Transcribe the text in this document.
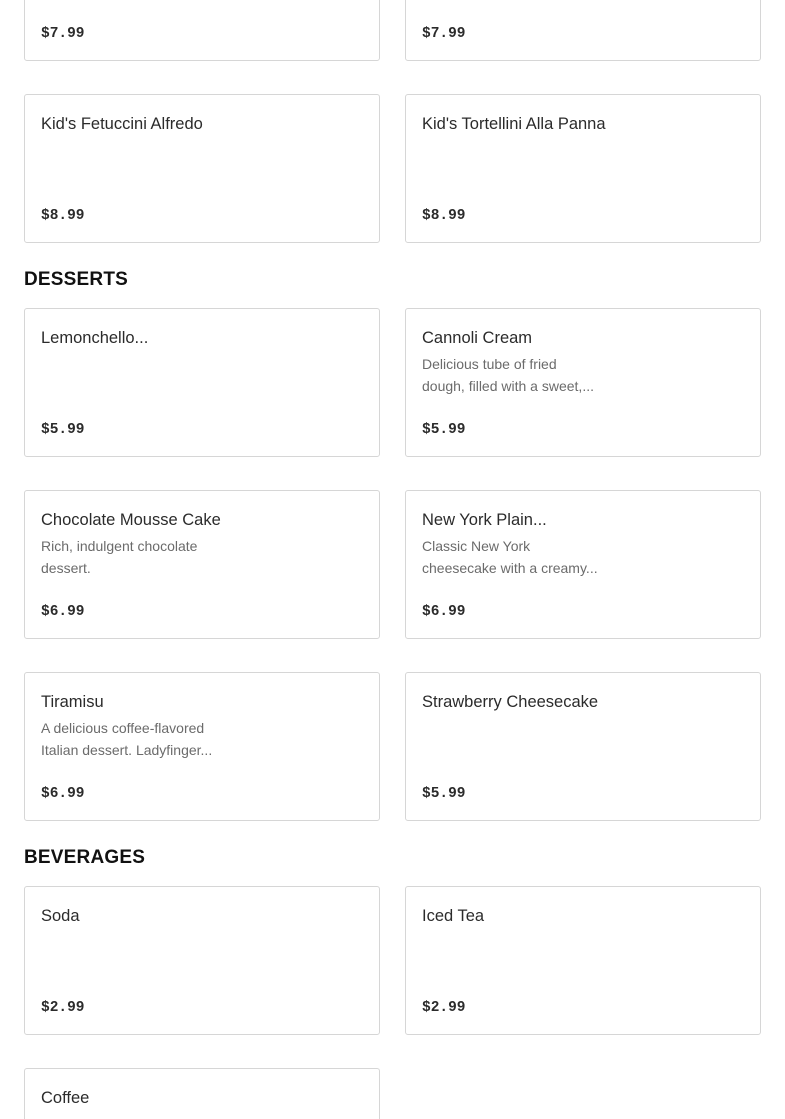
$7.99	$7.99
Kid's Fetuccini Alfredo
$8.99
Kid's Tortellini Alla Panna
$8.99
DESSERTS
Lemonchello...
$5.99
Cannoli Cream
Delicious tube of fried
dough, filled with a sweet,...
$5.99
Chocolate Mousse Cake
Rich, indulgent chocolate
dessert.
$6.99
New York Plain...
Classic New York
cheesecake with a creamy...
$6.99
Tiramisu
A delicious coffee-flavored
Italian dessert. Ladyfinger...
$6.99
Strawberry Cheesecake
$5.99
BEVERAGES
Soda
$2.99
Iced Tea
$2.99
Coffee
